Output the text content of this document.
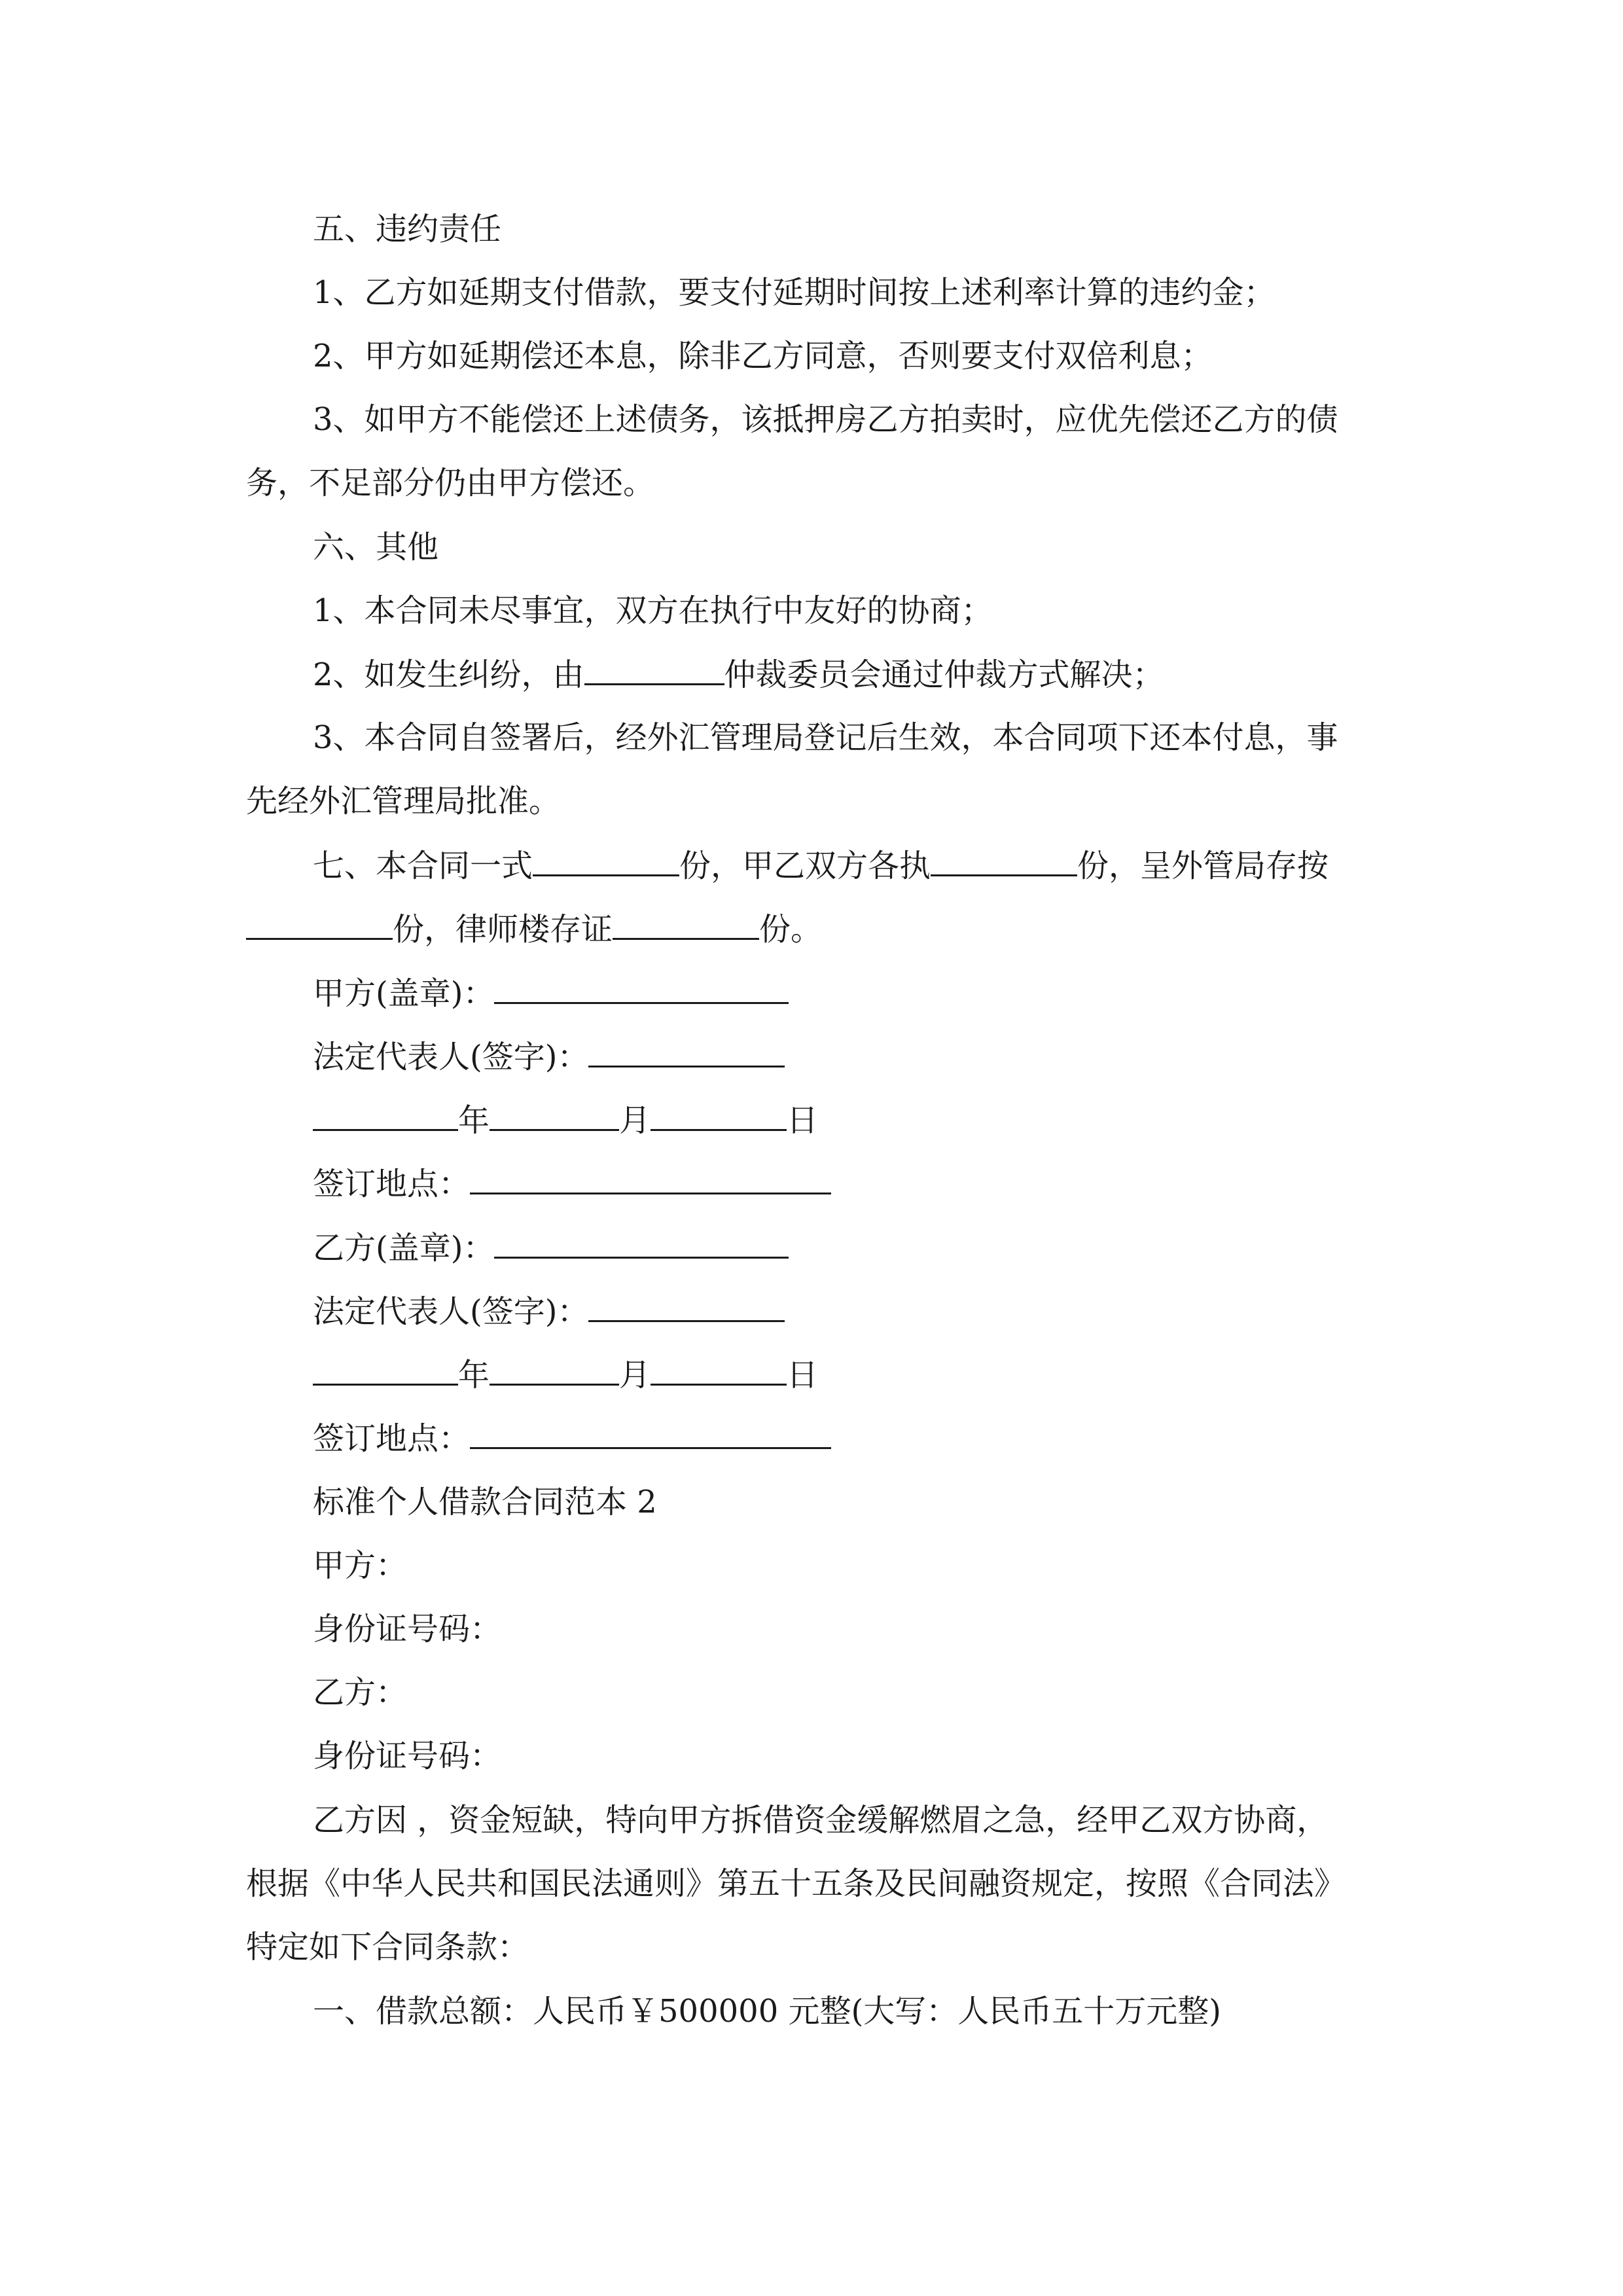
五、违约责任
1、乙方如延期支付借款，要支付延期时间按上述利率计算的违约金；
2、甲方如延期偿还本息，除非乙方同意，否则要支付双倍利息；
3、如甲方不能偿还上述债务，该抵押房乙方拍卖时，应优先偿还乙方的债
务，不足部分仍由甲方偿还。
六、其他
1、本合同未尽事宜，双方在执行中友好的协商；
2、如发生纠纷，由	仲裁委员会通过仲裁方式解决；
3、本合同自签署后，经外汇管理局登记后生效，本合同项下还本付息，事
先经外汇管理局批准。
七、本合同一式	份，甲乙双方各执	份，呈外管局存按
份，律师楼存证	份。
甲方(盖章)：
法定代表人(签字)：
年	月	日
签订地点：
乙方(盖章)：
法定代表人(签字)：
年	月	日
签订地点：
标准个人借款合同范本 2
甲方：
身份证号码：
乙方：
身份证号码：
乙方因 ，资金短缺，特向甲方拆借资金缓解燃眉之急，经甲乙双方协商，
根据《中华人民共和国民法通则》第五十五条及民间融资规定，按照《合同法》
特定如下合同条款：
一、借款总额：人民币￥500000 元整(大写：人民币五十万元整)
